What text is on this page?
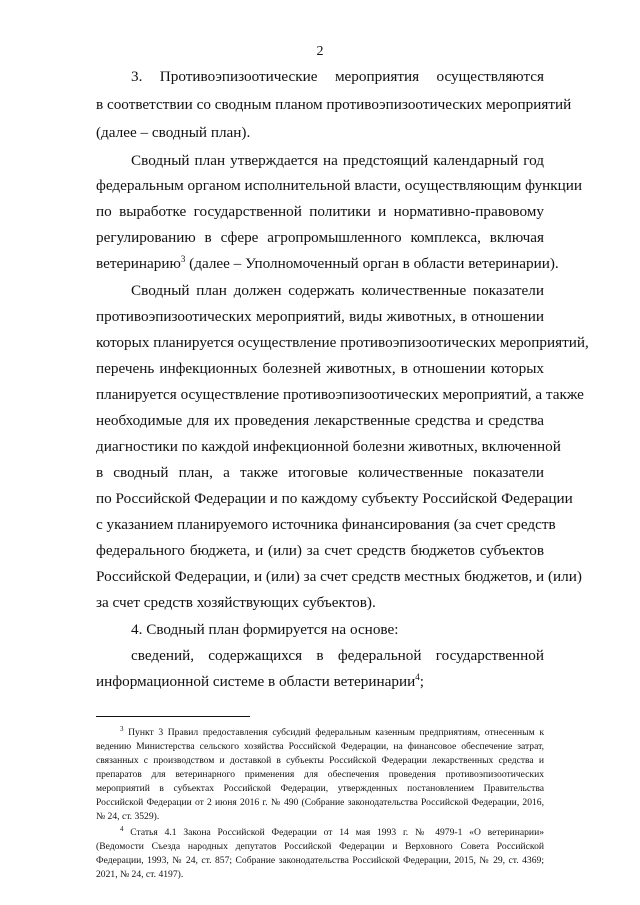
2
3. Противоэпизоотические мероприятия осуществляются
в соответствии со сводным планом противоэпизоотических мероприятий
(далее – сводный план).
Сводный план утверждается на предстоящий календарный год
федеральным органом исполнительной власти, осуществляющим функции
по выработке государственной политики и нормативно-правовому
регулированию в сфере агропромышленного комплекса, включая
ветеринарию$^3$ (далее – Уполномоченный орган в области ветеринарии).
Сводный план должен содержать количественные показатели
противоэпизоотических мероприятий, виды животных, в отношении
которых планируется осуществление противоэпизоотических мероприятий,
перечень инфекционных болезней животных, в отношении которых
планируется осуществление противоэпизоотических мероприятий, а также
необходимые для их проведения лекарственные средства и средства
диагностики по каждой инфекционной болезни животных, включенной
в сводный план, а также итоговые количественные показатели
по Российской Федерации и по каждому субъекту Российской Федерации
с указанием планируемого источника финансирования (за счет средств
федерального бюджета, и (или) за счет средств бюджетов субъектов
Российской Федерации, и (или) за счет средств местных бюджетов, и (или)
за счет средств хозяйствующих субъектов).
4. Сводный план формируется на основе:
сведений, содержащихся в федеральной государственной
информационной системе в области ветеринарии$^4$;
$^3$ Пункт 3 Правил предоставления субсидий федеральным казенным предприятиям, отнесенным к
ведению Министерства сельского хозяйства Российской Федерации, на финансовое обеспечение затрат,
связанных с производством и доставкой в субъекты Российской Федерации лекарственных средства и
препаратов для ветеринарного применения для обеспечения проведения противоэпизоотических
мероприятий в субъектах Российской Федерации, утвержденных постановлением Правительства
Российской Федерации от 2 июня 2016 г. № 490 (Собрание законодательства Российской Федерации, 2016,
№ 24, ст. 3529).
$^4$ Статья 4.1 Закона Российской Федерации от 14 мая 1993 г. № 4979-1 «О ветеринарии»
(Ведомости Съезда народных депутатов Российской Федерации и Верховного Совета Российской
Федерации, 1993, № 24, ст. 857; Собрание законодательства Российской Федерации, 2015, № 29, ст. 4369;
2021, № 24, ст. 4197).
